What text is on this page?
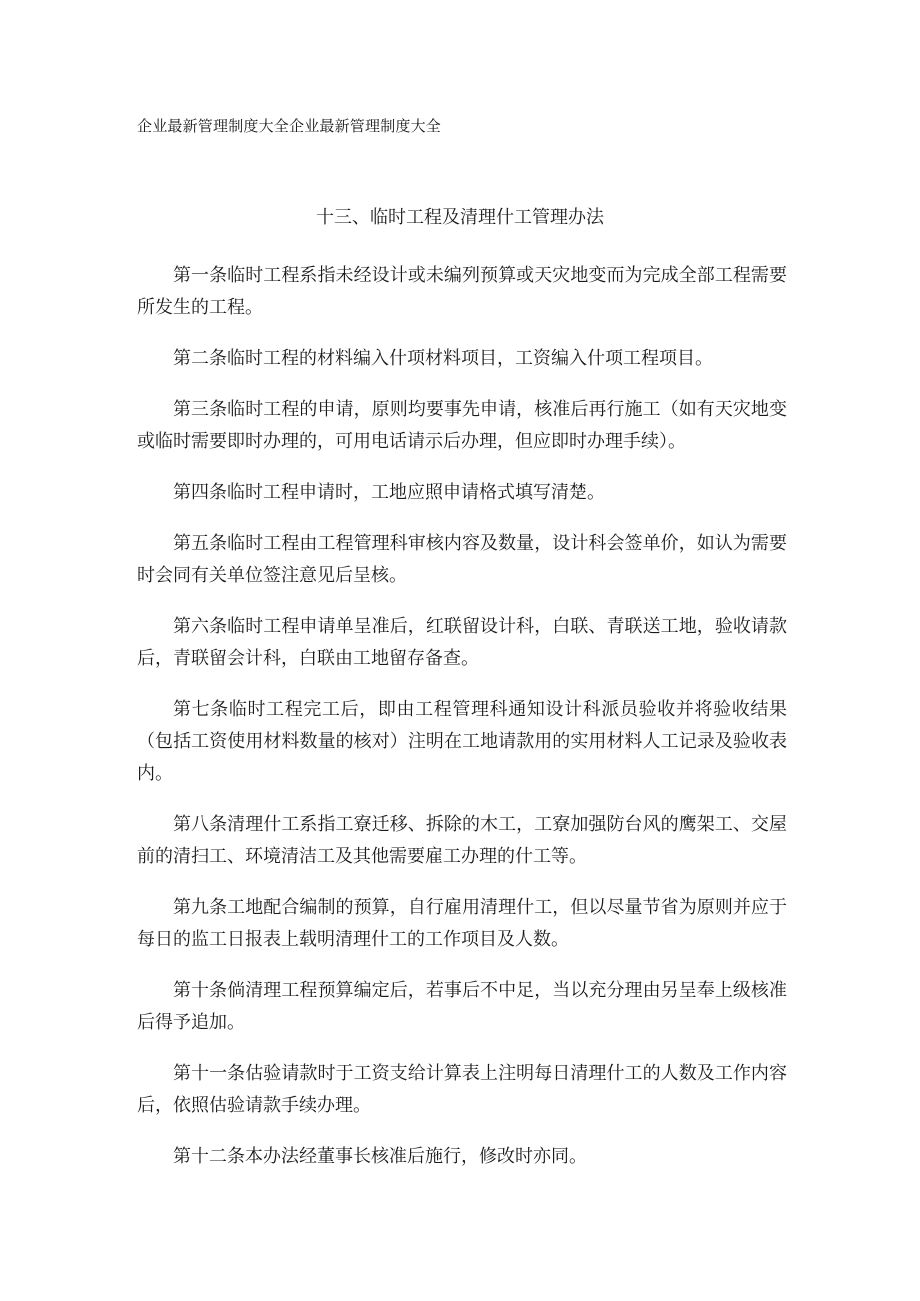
企业最新管理制度大全企业最新管理制度大全
十三、临时工程及清理什工管理办法

第一条临时工程系指未经设计或未编列预算或天灾地变而为完成全部工程需要所发生的工程。

第二条临时工程的材料编入什项材料项目，工资编入什项工程项目。

第三条临时工程的申请，原则均要事先申请，核准后再行施工（如有天灾地变或临时需要即时办理的，可用电话请示后办理，但应即时办理手续）。

第四条临时工程申请时，工地应照申请格式填写清楚。

第五条临时工程由工程管理科审核内容及数量，设计科会签单价，如认为需要时会同有关单位签注意见后呈核。

第六条临时工程申请单呈准后，红联留设计科，白联、青联送工地，验收请款后，青联留会计科，白联由工地留存备查。

第七条临时工程完工后，即由工程管理科通知设计科派员验收并将验收结果（包括工资使用材料数量的核对）注明在工地请款用的实用材料人工记录及验收表内。

第八条清理什工系指工寮迁移、拆除的木工，工寮加强防台风的鹰架工、交屋前的清扫工、环境清洁工及其他需要雇工办理的什工等。

第九条工地配合编制的预算，自行雇用清理什工，但以尽量节省为原则并应于每日的监工日报表上载明清理什工的工作项目及人数。

第十条倘清理工程预算编定后，若事后不中足，当以充分理由另呈奉上级核准后得予追加。

第十一条估验请款时于工资支给计算表上注明每日清理什工的人数及工作内容后，依照估验请款手续办理。

第十二条本办法经董事长核准后施行，修改时亦同。
